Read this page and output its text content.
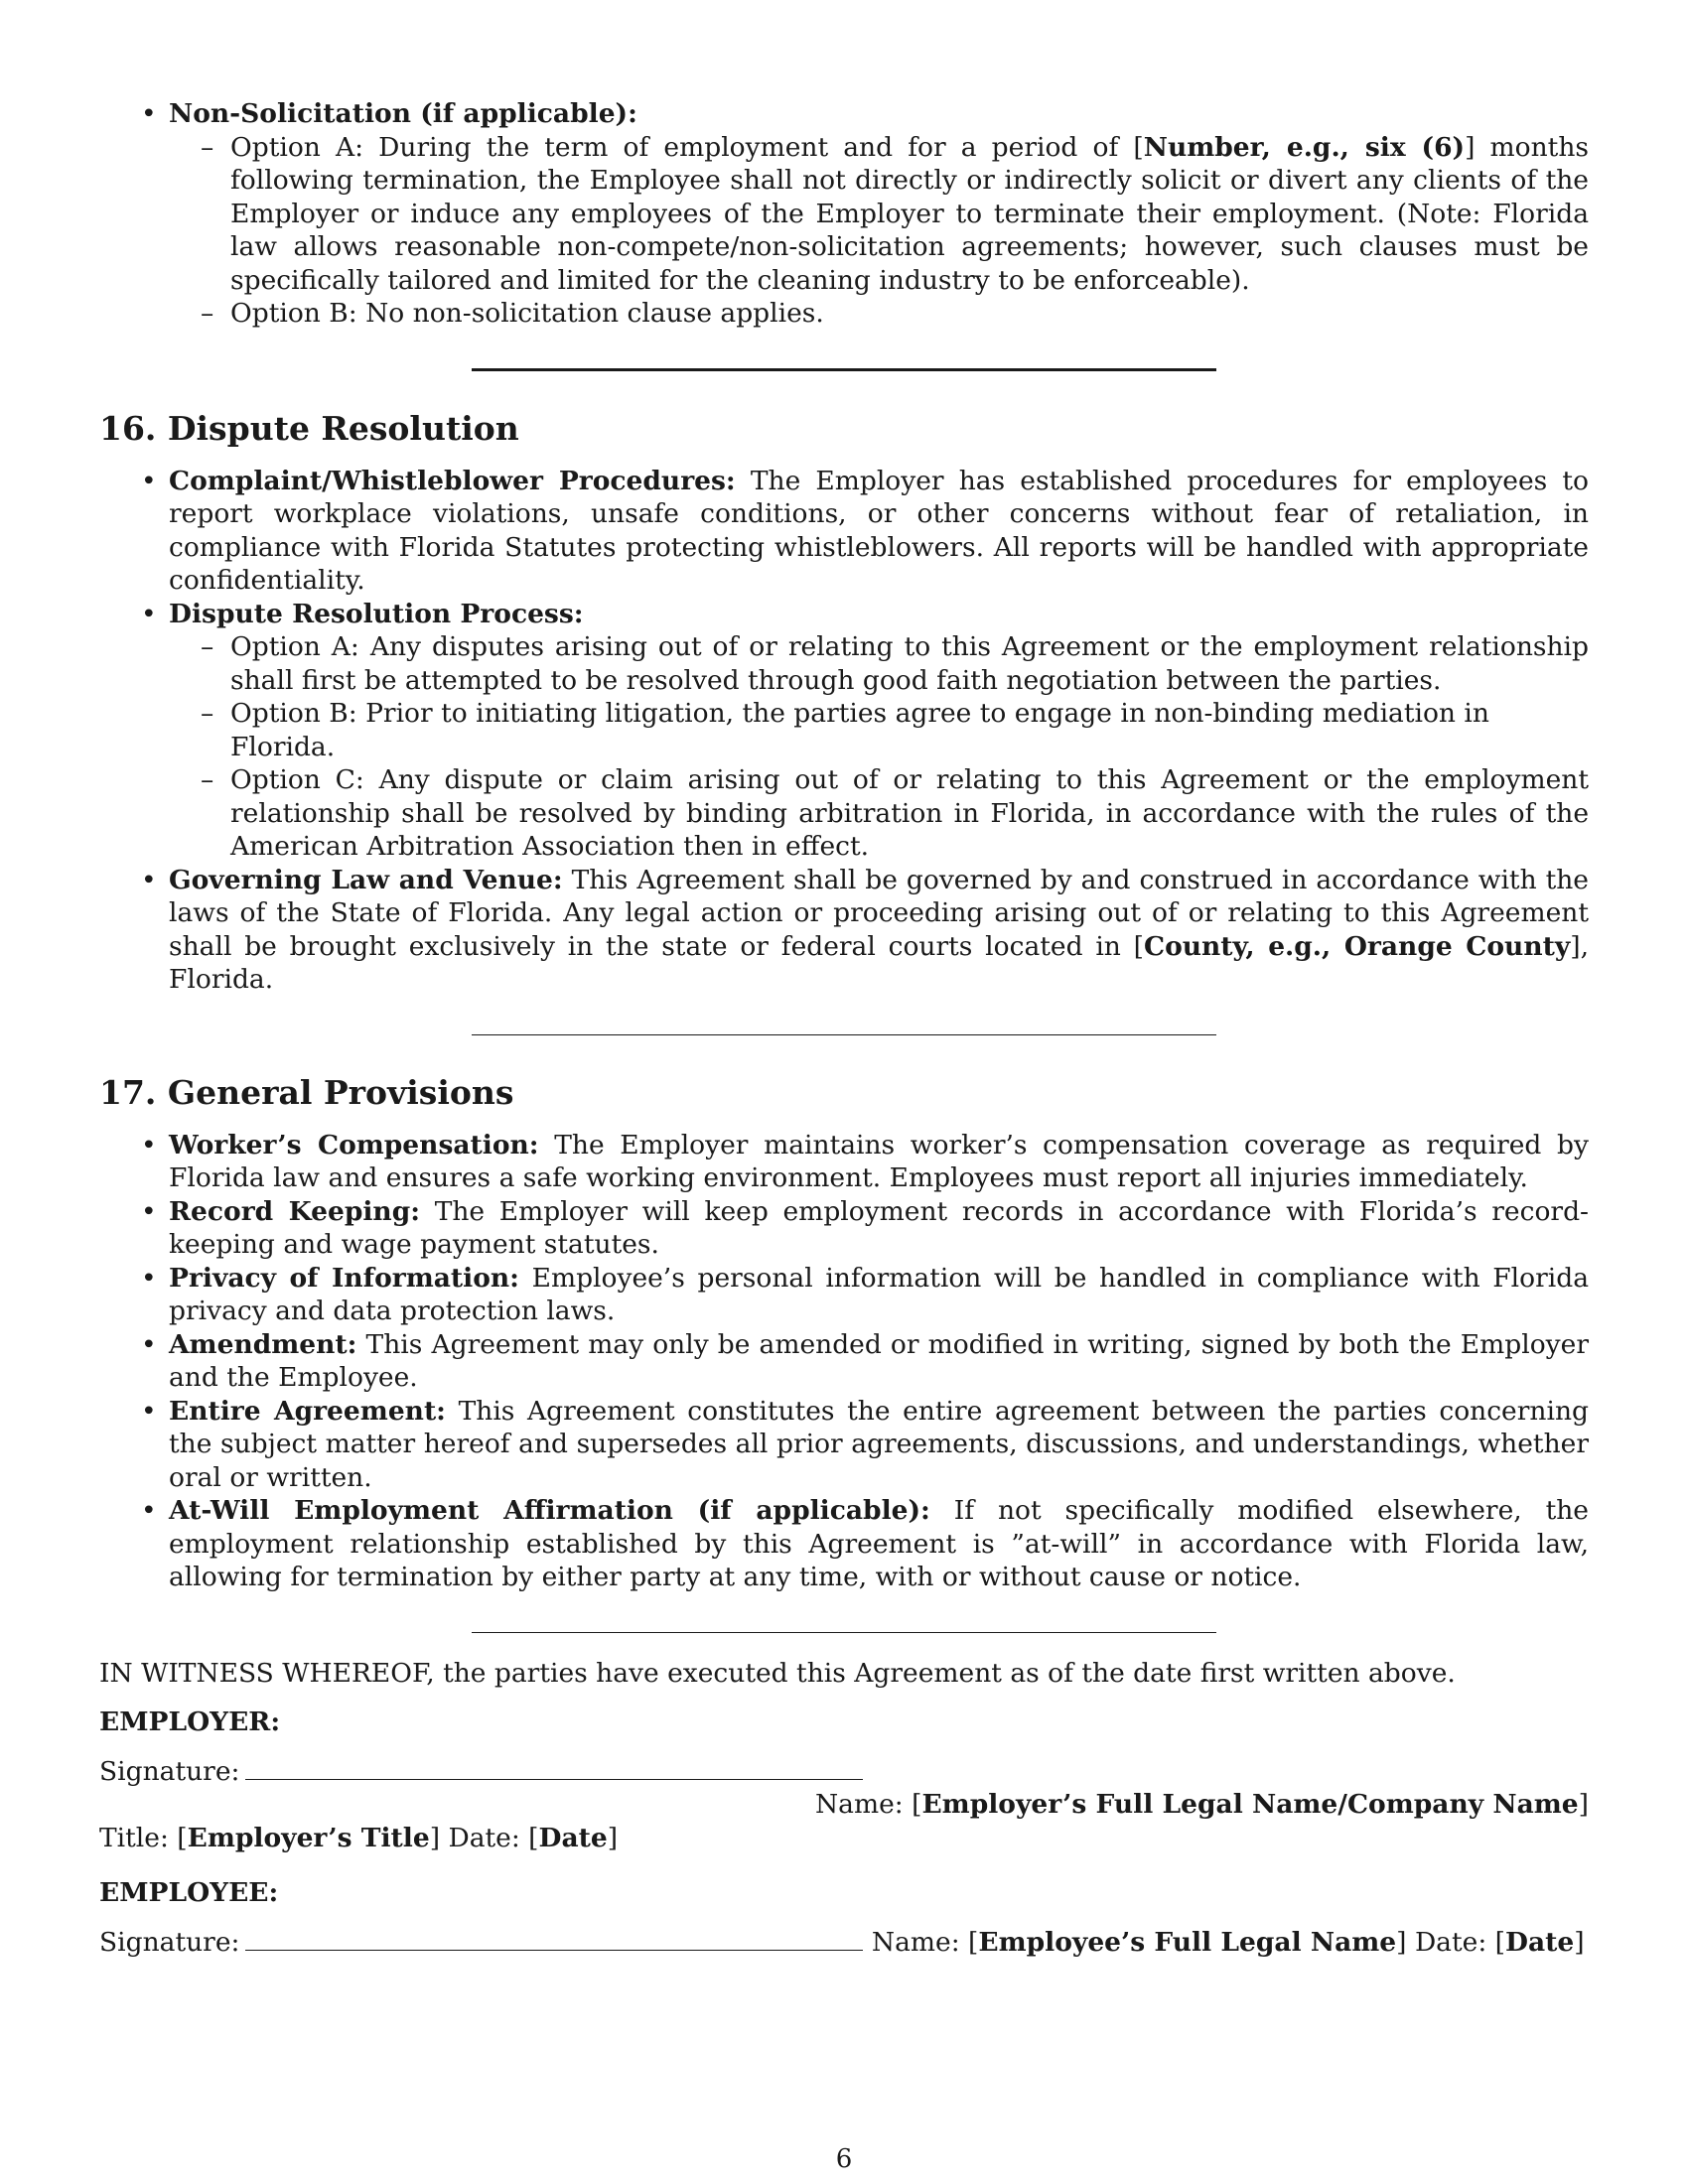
• Non-Solicitation (if applicable):
– Option A: During the term of employment and for a period of [Number, e.g., six (6)] months following termination, the Employee shall not directly or indirectly solicit or divert any clients of the Employer or induce any employees of the Employer to terminate their employment. (Note: Florida law allows reasonable non-compete/non-solicitation agreements; however, such clauses must be specifically tailored and limited for the cleaning industry to be enforceable).
– Option B: No non-solicitation clause applies.
16. Dispute Resolution
• Complaint/Whistleblower Procedures: The Employer has established procedures for employees to report workplace violations, unsafe conditions, or other concerns without fear of retaliation, in compliance with Florida Statutes protecting whistleblowers. All reports will be handled with appropriate confidentiality.
• Dispute Resolution Process:
– Option A: Any disputes arising out of or relating to this Agreement or the employment relationship shall first be attempted to be resolved through good faith negotiation between the parties.
– Option B: Prior to initiating litigation, the parties agree to engage in non-binding mediation in Florida.
– Option C: Any dispute or claim arising out of or relating to this Agreement or the employment relationship shall be resolved by binding arbitration in Florida, in accordance with the rules of the American Arbitration Association then in effect.
• Governing Law and Venue: This Agreement shall be governed by and construed in accordance with the laws of the State of Florida. Any legal action or proceeding arising out of or relating to this Agreement shall be brought exclusively in the state or federal courts located in [County, e.g., Orange County], Florida.
17. General Provisions
• Worker’s Compensation: The Employer maintains worker’s compensation coverage as required by Florida law and ensures a safe working environment. Employees must report all injuries immediately.
• Record Keeping: The Employer will keep employment records in accordance with Florida’s record-keeping and wage payment statutes.
• Privacy of Information: Employee’s personal information will be handled in compliance with Florida privacy and data protection laws.
• Amendment: This Agreement may only be amended or modified in writing, signed by both the Employer and the Employee.
• Entire Agreement: This Agreement constitutes the entire agreement between the parties concerning the subject matter hereof and supersedes all prior agreements, discussions, and understandings, whether oral or written.
• At-Will Employment Affirmation (if applicable): If not specifically modified elsewhere, the employment relationship established by this Agreement is ”at-will” in accordance with Florida law, allowing for termination by either party at any time, with or without cause or notice.

IN WITNESS WHEREOF, the parties have executed this Agreement as of the date first written above.

EMPLOYER:
Signature:
Name: [Employer’s Full Legal Name/Company Name]
Title: [Employer’s Title] Date: [Date]
EMPLOYEE:
Signature:	Name: [Employee’s Full Legal Name] Date: [Date]
6
